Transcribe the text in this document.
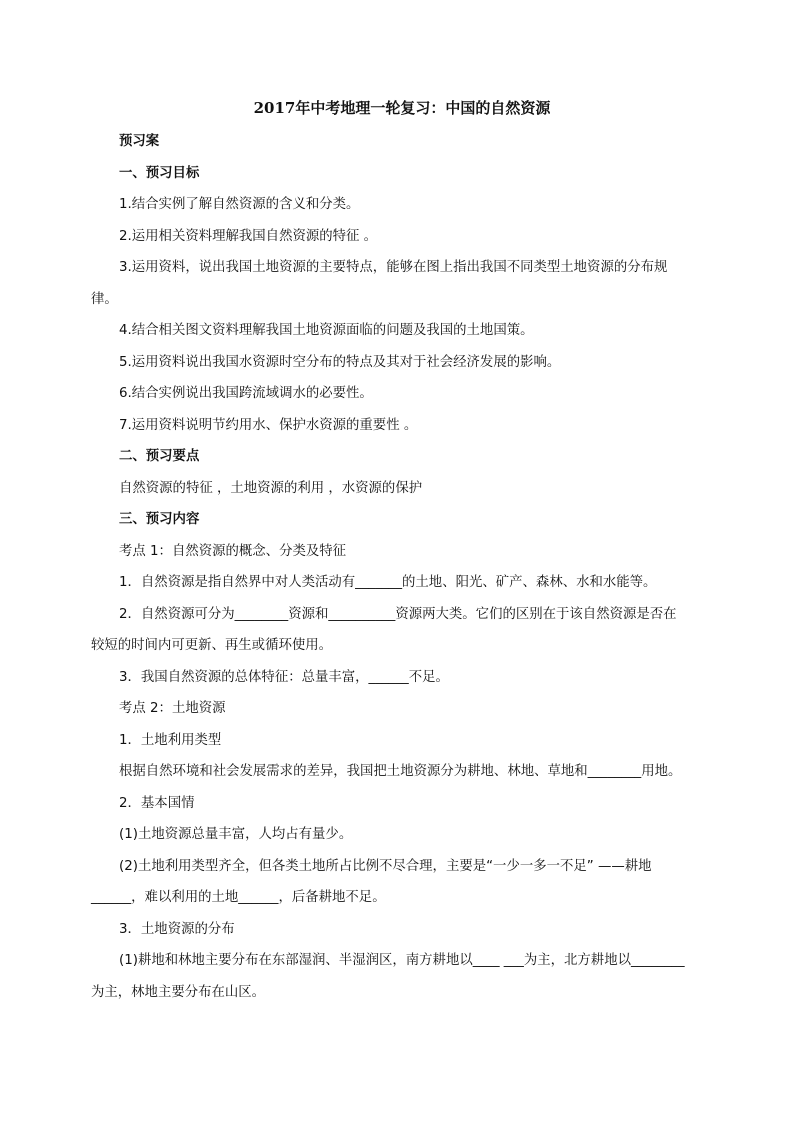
2017年中考地理一轮复习：中国的自然资源
预习案
一、预习目标
1.结合实例了解自然资源的含义和分类。
2.运用相关资料理解我国自然资源的特征 。
3.运用资料，说出我国土地资源的主要特点，能够在图上指出我国不同类型土地资源的分布规
律。
4.结合相关图文资料理解我国土地资源面临的问题及我国的土地国策。
5.运用资料说出我国水资源时空分布的特点及其对于社会经济发展的影响。
6.结合实例说出我国跨流域调水的必要性。
7.运用资料说明节约用水、保护水资源的重要性 。
二、预习要点
自然资源的特征 ，土地资源的利用 ，水资源的保护
三、预习内容
考点 1：自然资源的概念、分类及特征
1．自然资源是指自然界中对人类活动有_______的土地、阳光、矿产、森林、水和水能等。
2．自然资源可分为________资源和__________资源两大类。它们的区别在于该自然资源是否在
较短的时间内可更新、再生或循环使用。
3．我国自然资源的总体特征：总量丰富，______不足。
考点 2：土地资源
1．土地利用类型
根据自然环境和社会发展需求的差异，我国把土地资源分为耕地、林地、草地和________用地。
2．基本国情
(1)土地资源总量丰富，人均占有量少。
(2)土地利用类型齐全，但各类土地所占比例不尽合理，主要是“一少一多一不足” ——耕地
______，难以利用的土地______，后备耕地不足。
3．土地资源的分布
(1)耕地和林地主要分布在东部湿润、半湿润区，南方耕地以____ ___为主，北方耕地以________
为主，林地主要分布在山区。
